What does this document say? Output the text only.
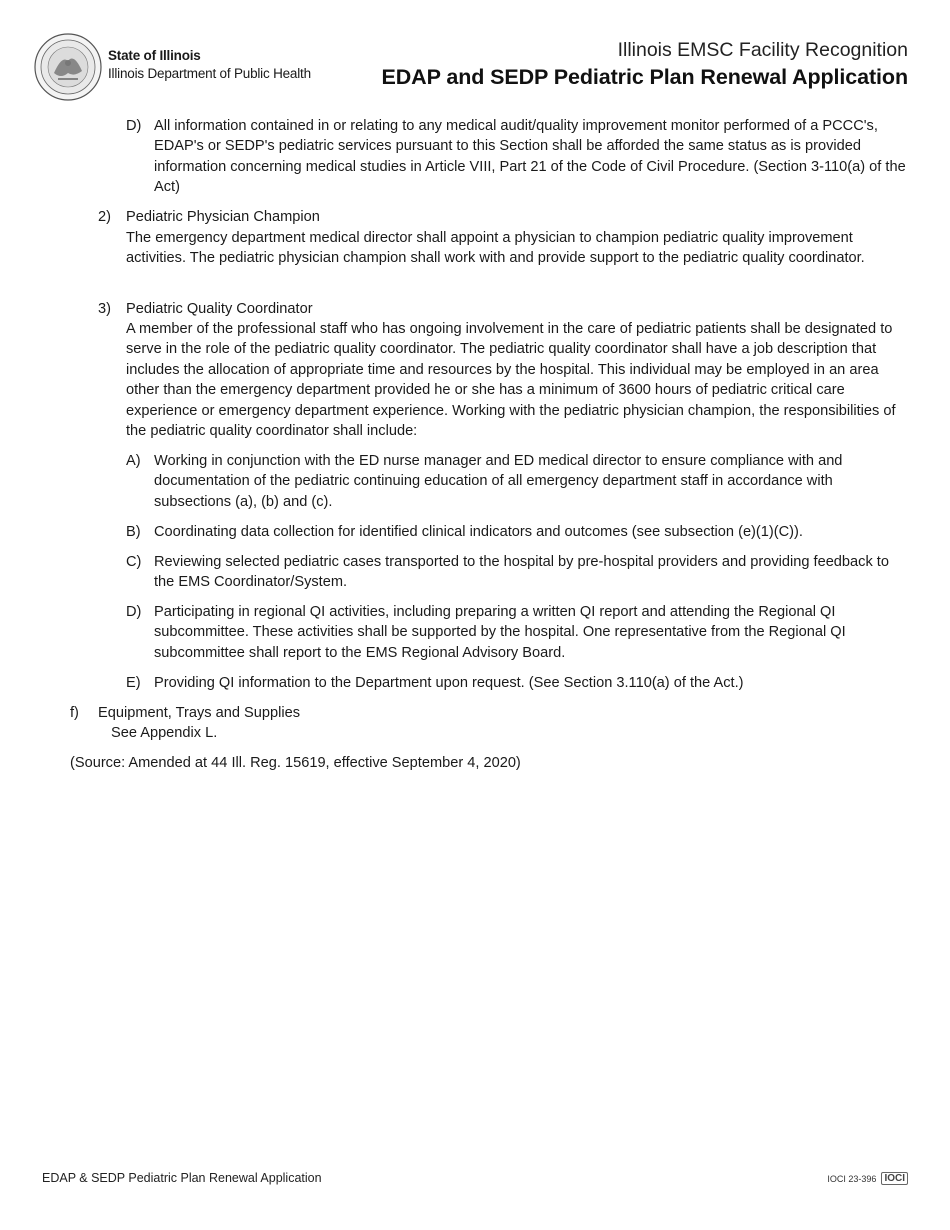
State of Illinois
Illinois Department of Public Health
Illinois EMSC Facility Recognition
EDAP and SEDP Pediatric Plan Renewal Application
D) All information contained in or relating to any medical audit/quality improvement monitor performed of a PCCC's, EDAP's or SEDP's pediatric services pursuant to this Section shall be afforded the same status as is provided information concerning medical studies in Article VIII, Part 21 of the Code of Civil Procedure. (Section 3-110(a) of the Act)
2) Pediatric Physician Champion
The emergency department medical director shall appoint a physician to champion pediatric quality improvement activities. The pediatric physician champion shall work with and provide support to the pediatric quality coordinator.
3) Pediatric Quality Coordinator
A member of the professional staff who has ongoing involvement in the care of pediatric patients shall be designated to serve in the role of the pediatric quality coordinator. The pediatric quality coordinator shall have a job description that includes the allocation of appropriate time and resources by the hospital. This individual may be employed in an area other than the emergency department provided he or she has a minimum of 3600 hours of pediatric critical care experience or emergency department experience. Working with the pediatric physician champion, the responsibilities of the pediatric quality coordinator shall include:
A) Working in conjunction with the ED nurse manager and ED medical director to ensure compliance with and documentation of the pediatric continuing education of all emergency department staff in accordance with subsections (a), (b) and (c).
B) Coordinating data collection for identified clinical indicators and outcomes (see subsection (e)(1)(C)).
C) Reviewing selected pediatric cases transported to the hospital by pre-hospital providers and providing feedback to the EMS Coordinator/System.
D) Participating in regional QI activities, including preparing a written QI report and attending the Regional QI subcommittee. These activities shall be supported by the hospital. One representative from the Regional QI subcommittee shall report to the EMS Regional Advisory Board.
E) Providing QI information to the Department upon request. (See Section 3.110(a) of the Act.)
f) Equipment, Trays and Supplies
See Appendix L.
(Source: Amended at 44 Ill. Reg. 15619, effective September 4, 2020)
EDAP & SEDP Pediatric Plan Renewal Application	IOCI 23-396 IOCI
